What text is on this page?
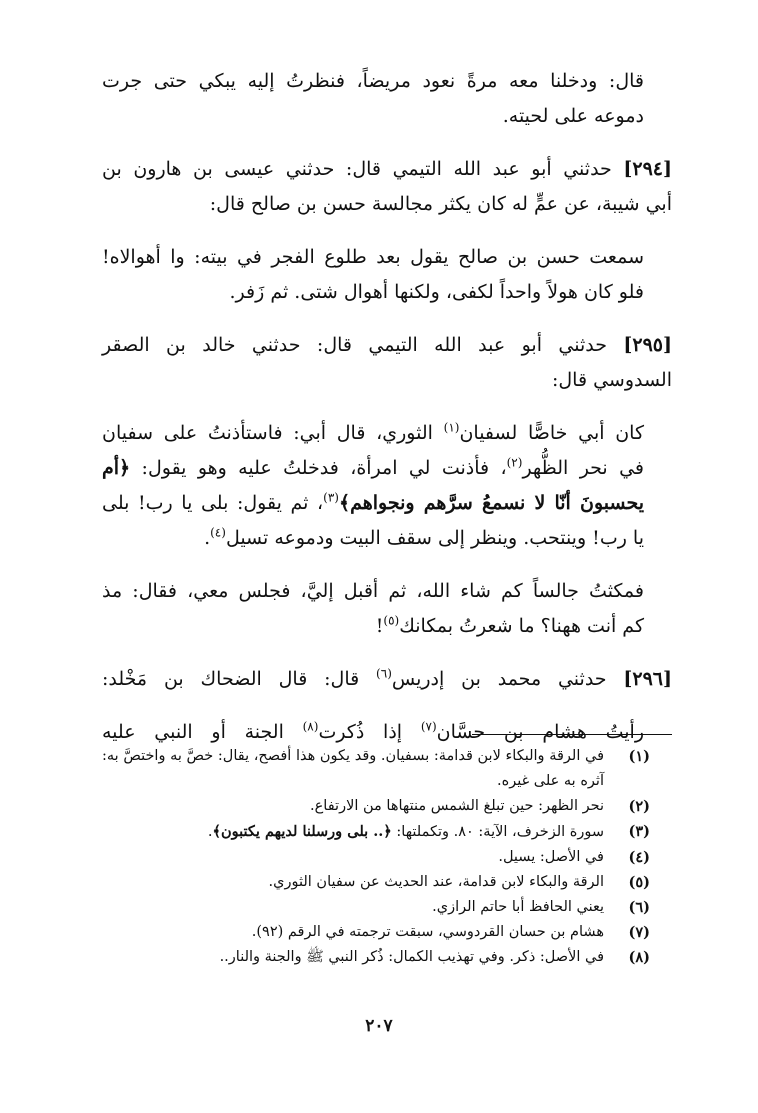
قال: ودخلنا معه مرةً نعود مريضاً، فنظرتُ إليه يبكي حتى جرت
دموعه على لحيته.

[٢٩٤] حدثني أبو عبد الله التيمي قال: حدثني عيسى بن هارون بن
أبي شيبة، عن عمٍّ له كان يكثر مجالسة حسن بن صالح قال:

سمعت حسن بن صالح يقول بعد طلوع الفجر في بيته: وا أهوالاه!
فلو كان هولاً واحداً لكفى، ولكنها أهوال شتى. ثم زَفر.

[٢٩٥] حدثني أبو عبد الله التيمي قال: حدثني خالد بن الصقر
السدوسي قال:

كان أبي خاصًّا لسفيان$^{(١)}$ الثوري، قال أبي: فاستأذنتُ على سفيان
في نحر الظُّهر$^{(٢)}$، فأذنت لي امرأة، فدخلتُ عليه وهو يقول: ﴿أم
يحسبونَ أنّا لا نسمعُ سرَّهم ونجواهم﴾$^{(٣)}$، ثم يقول: بلى يا رب! بلى
يا رب! وينتحب. وينظر إلى سقف البيت ودموعه تسيل$^{(٤)}$.

فمكثتُ جالساً كم شاء الله، ثم أقبل إليَّ، فجلس معي، فقال: مذ
كم أنت ههنا؟ ما شعرتُ بمكانك$^{(٥)}$!

[٢٩٦] حدثني محمد بن إدريس$^{(٦)}$ قال: قال الضحاك بن مَخْلد:

رأيتُ هشام بن حسَّان$^{(٧)}$ إذا ذُكرت$^{(٨)}$ الجنة أو النبي عليه

(١)
في الرقة والبكاء لابن قدامة: بسفيان. وقد يكون هذا أفصح، يقال: خصَّ به واختصَّ به: آثره به على غيره.
(٢)
نحر الظهر: حين تبلغ الشمس منتهاها من الارتفاع.
(٣)
سورة الزخرف، الآية: ٨٠. وتكملتها: ﴿.. بلى ورسلنا لديهم يكتبون﴾.
(٤)
في الأصل: يسيل.
(٥)
الرقة والبكاء لابن قدامة، عند الحديث عن سفيان الثوري.
(٦)
يعني الحافظ أبا حاتم الرازي.
(٧)
هشام بن حسان القردوسي، سبقت ترجمته في الرقم (٩٢).
(٨)
في الأصل: ذكر. وفي تهذيب الكمال: ذُكر النبي ﷺ والجنة والنار..
٢٠٧
